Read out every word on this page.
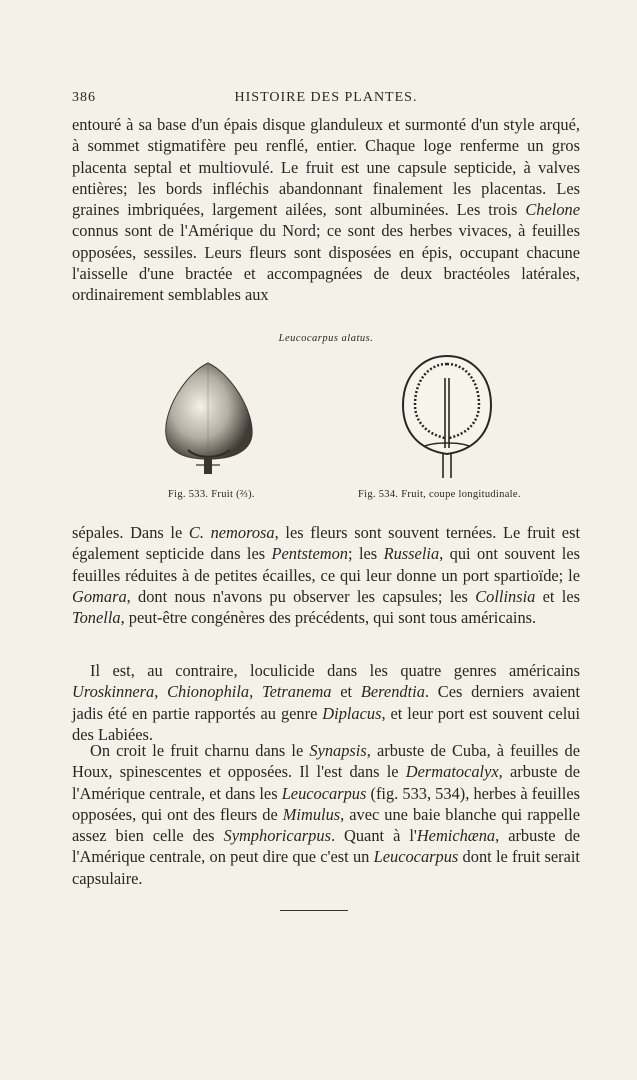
386	HISTOIRE DES PLANTES.

entouré à sa base d'un épais disque glanduleux et surmonté d'un style arqué, à sommet stigmatifère peu renflé, entier. Chaque loge renferme un gros placenta septal et multiovulé. Le fruit est une capsule septicide, à valves entières; les bords infléchis abandonnant finalement les placentas. Les graines imbriquées, largement ailées, sont albuminées. Les trois Chelone connus sont de l'Amérique du Nord; ce sont des herbes vivaces, à feuilles opposées, sessiles. Leurs fleurs sont disposées en épis, occupant chacune l'aisselle d'une bractée et accompagnées de deux bractéoles latérales, ordinairement semblables aux

Leucocarpus alatus.
Fig. 533. Fruit (⅔).	Fig. 534. Fruit, coupe longitudinale.

sépales. Dans le C. nemorosa, les fleurs sont souvent ternées. Le fruit est également septicide dans les Pentstemon; les Russelia, qui ont souvent les feuilles réduites à de petites écailles, ce qui leur donne un port spartioïde; le Gomara, dont nous n'avons pu observer les capsules; les Collinsia et les Tonella, peut-être congénères des précédents, qui sont tous américains.

Il est, au contraire, loculicide dans les quatre genres américains Uroskinnera, Chionophila, Tetranema et Berendtia. Ces derniers avaient jadis été en partie rapportés au genre Diplacus, et leur port est souvent celui des Labiées.

On croit le fruit charnu dans le Synapsis, arbuste de Cuba, à feuilles de Houx, spinescentes et opposées. Il l'est dans le Dermatocalyx, arbuste de l'Amérique centrale, et dans les Leucocarpus (fig. 533, 534), herbes à feuilles opposées, qui ont des fleurs de Mimulus, avec une baie blanche qui rappelle assez bien celle des Symphoricarpus. Quant à l'Hemichæna, arbuste de l'Amérique centrale, on peut dire que c'est un Leucocarpus dont le fruit serait capsulaire.
